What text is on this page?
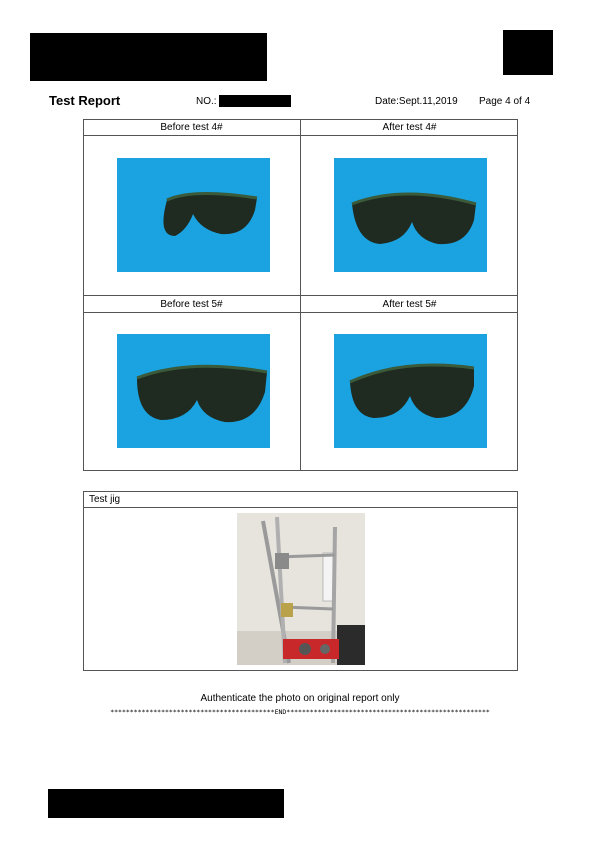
Test Report	NO.:	Date:Sept.11,2019 Page 4 of 4
Before test 4#	After test 4#
Before test 5#	After test 5#
Test jig
Authenticate the photo on original report only
******************************************END****************************************************
